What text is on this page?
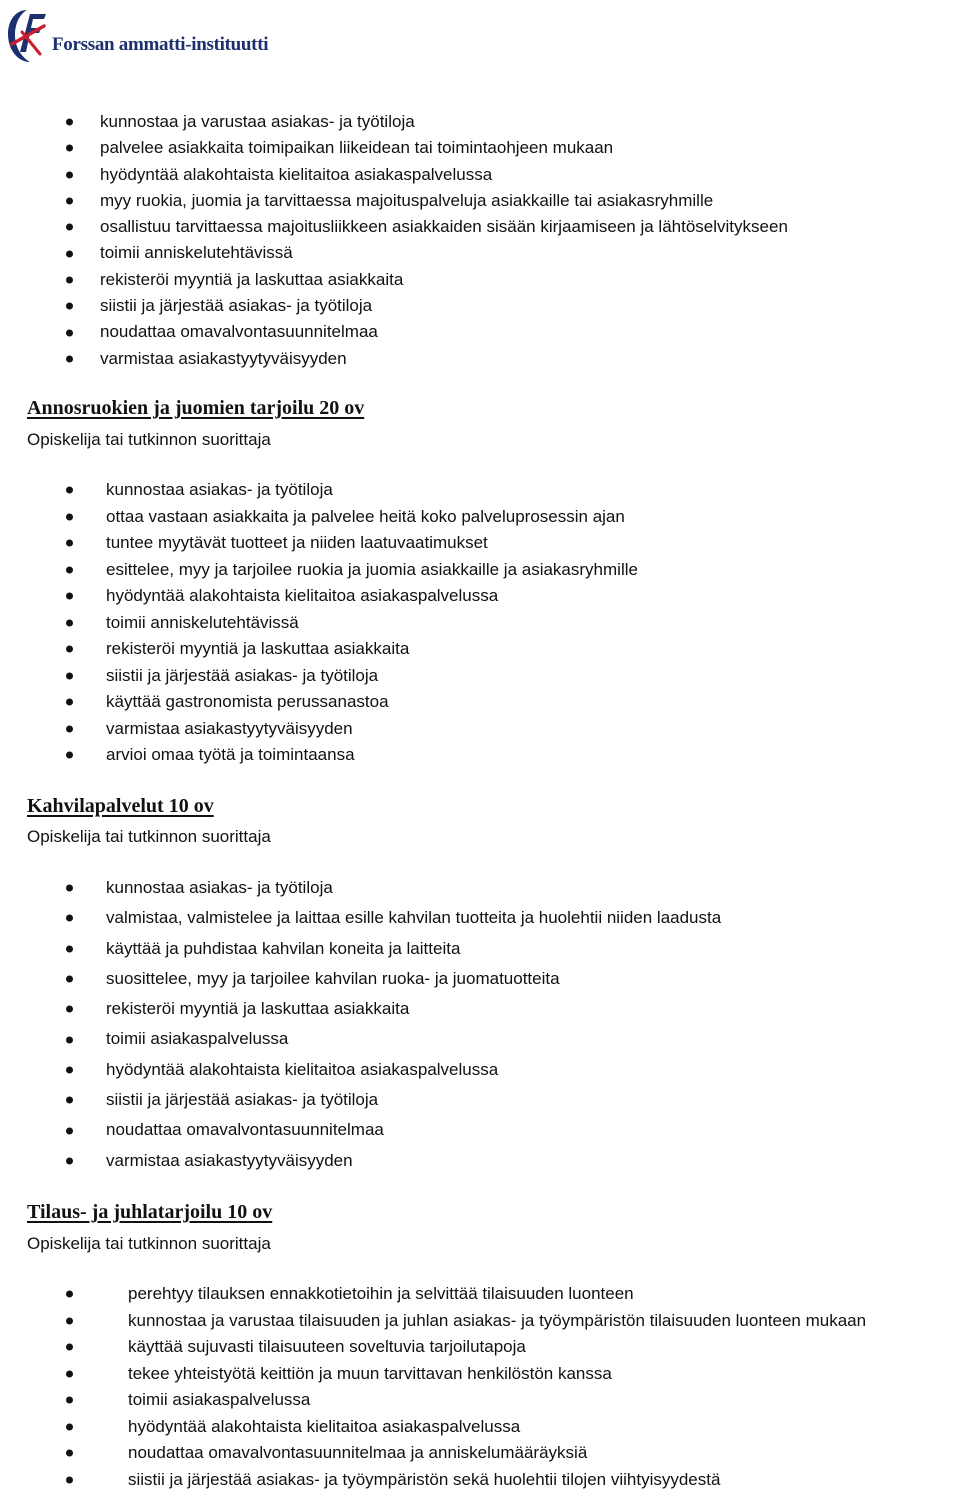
Forssan ammatti-instituutti
kunnostaa ja varustaa asiakas- ja työtiloja
palvelee asiakkaita toimipaikan liikeidean tai toimintaohjeen mukaan
hyödyntää alakohtaista kielitaitoa asiakaspalvelussa
myy ruokia, juomia ja tarvittaessa majoituspalveluja asiakkaille tai asiakasryhmille
osallistuu tarvittaessa majoitusliikkeen asiakkaiden sisään kirjaamiseen ja lähtöselvitykseen
toimii anniskelutehtävissä
rekisteröi myyntiä ja laskuttaa asiakkaita
siistii ja järjestää asiakas- ja työtiloja
noudattaa omavalvontasuunnitelmaa
varmistaa asiakastyytyväisyyden
Annosruokien ja juomien tarjoilu 20 ov
Opiskelija tai tutkinnon suorittaja
kunnostaa asiakas- ja työtiloja
ottaa vastaan asiakkaita ja palvelee heitä koko palveluprosessin ajan
tuntee myytävät tuotteet ja niiden laatuvaatimukset
esittelee, myy ja tarjoilee ruokia ja juomia asiakkaille ja asiakasryhmille
hyödyntää alakohtaista kielitaitoa asiakaspalvelussa
toimii anniskelutehtävissä
rekisteröi myyntiä ja laskuttaa asiakkaita
siistii ja järjestää asiakas- ja työtiloja
käyttää gastronomista perussanastoa
varmistaa asiakastyytyväisyyden
arvioi omaa työtä ja toimintaansa
Kahvilapalvelut 10 ov
Opiskelija tai tutkinnon suorittaja
kunnostaa asiakas- ja työtiloja
valmistaa, valmistelee ja laittaa esille kahvilan tuotteita ja huolehtii niiden laadusta
käyttää ja puhdistaa kahvilan koneita ja laitteita
suosittelee, myy ja tarjoilee kahvilan ruoka- ja juomatuotteita
rekisteröi myyntiä ja laskuttaa asiakkaita
toimii asiakaspalvelussa
hyödyntää alakohtaista kielitaitoa asiakaspalvelussa
siistii ja järjestää asiakas- ja työtiloja
noudattaa omavalvontasuunnitelmaa
varmistaa asiakastyytyväisyyden
Tilaus- ja juhlatarjoilu 10 ov
Opiskelija tai tutkinnon suorittaja
perehtyy tilauksen ennakkotietoihin ja selvittää tilaisuuden luonteen
kunnostaa ja varustaa tilaisuuden ja juhlan asiakas- ja työympäristön tilaisuuden luonteen mukaan
käyttää sujuvasti tilaisuuteen soveltuvia tarjoilutapoja
tekee yhteistyötä keittiön ja muun tarvittavan henkilöstön kanssa
toimii asiakaspalvelussa
hyödyntää alakohtaista kielitaitoa asiakaspalvelussa
noudattaa omavalvontasuunnitelmaa ja anniskelumääräyksiä
siistii ja järjestää asiakas- ja työympäristön sekä huolehtii tilojen viihtyisyydestä
